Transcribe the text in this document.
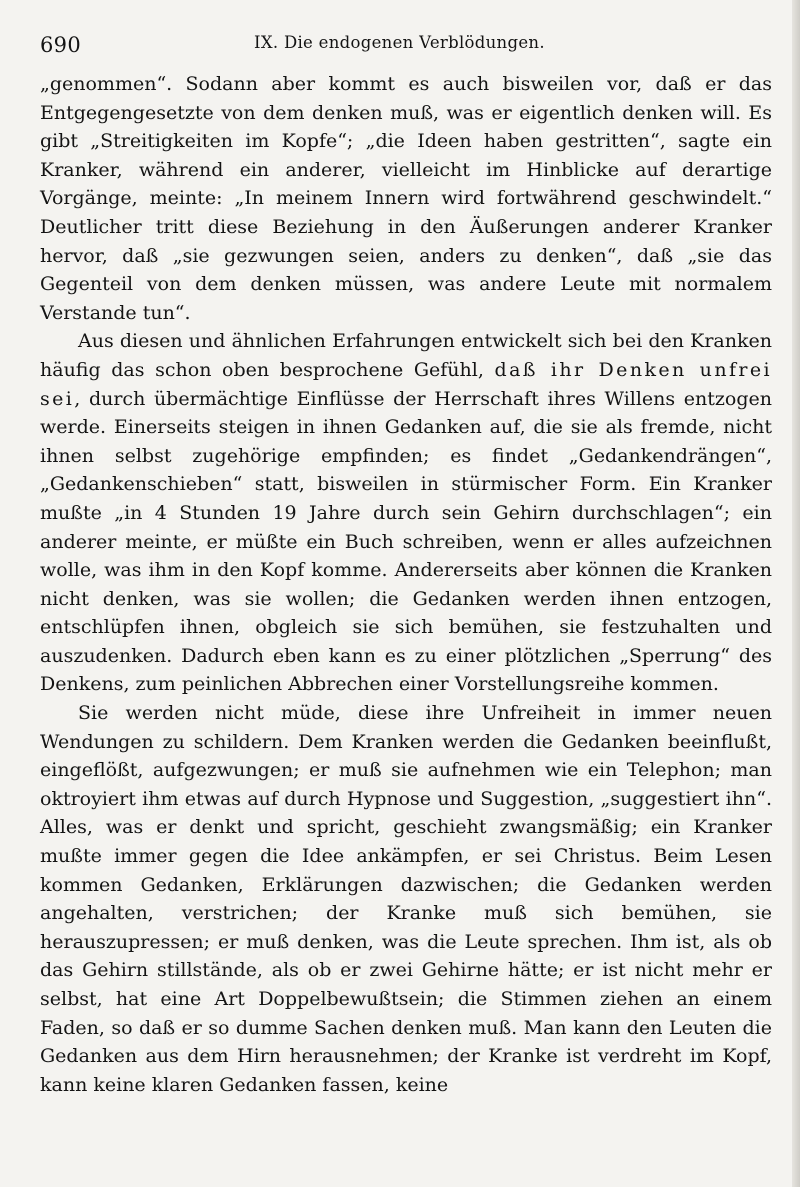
690	IX. Die endogenen Verblödungen.

„genommen“. Sodann aber kommt es auch bisweilen vor, daß er das Entgegengesetzte von dem denken muß, was er eigentlich denken will. Es gibt „Streitigkeiten im Kopfe“; „die Ideen haben gestritten“, sagte ein Kranker, während ein anderer, vielleicht im Hinblicke auf derartige Vorgänge, meinte: „In meinem Innern wird fortwährend geschwindelt.“ Deutlicher tritt diese Beziehung in den Äußerungen anderer Kranker hervor, daß „sie gezwungen seien, anders zu denken“, daß „sie das Gegenteil von dem denken müssen, was andere Leute mit normalem Verstande tun“.

Aus diesen und ähnlichen Erfahrungen entwickelt sich bei den Kranken häufig das schon oben besprochene Gefühl, daß ihr Denken unfrei sei, durch übermächtige Einflüsse der Herrschaft ihres Willens entzogen werde. Einerseits steigen in ihnen Gedanken auf, die sie als fremde, nicht ihnen selbst zugehörige empfinden; es findet „Gedankendrängen“, „Gedankenschieben“ statt, bisweilen in stürmischer Form. Ein Kranker mußte „in 4 Stunden 19 Jahre durch sein Gehirn durchschlagen“; ein anderer meinte, er müßte ein Buch schreiben, wenn er alles aufzeichnen wolle, was ihm in den Kopf komme. Andererseits aber können die Kranken nicht denken, was sie wollen; die Gedanken werden ihnen entzogen, entschlüpfen ihnen, obgleich sie sich bemühen, sie festzuhalten und auszudenken. Dadurch eben kann es zu einer plötzlichen „Sperrung“ des Denkens, zum peinlichen Abbrechen einer Vorstellungsreihe kommen.

Sie werden nicht müde, diese ihre Unfreiheit in immer neuen Wendungen zu schildern. Dem Kranken werden die Gedanken beeinflußt, eingeflößt, aufgezwungen; er muß sie aufnehmen wie ein Telephon; man oktroyiert ihm etwas auf durch Hypnose und Suggestion, „suggestiert ihn“. Alles, was er denkt und spricht, geschieht zwangsmäßig; ein Kranker mußte immer gegen die Idee ankämpfen, er sei Christus. Beim Lesen kommen Gedanken, Erklärungen dazwischen; die Gedanken werden angehalten, verstrichen; der Kranke muß sich bemühen, sie herauszupressen; er muß denken, was die Leute sprechen. Ihm ist, als ob das Gehirn stillstände, als ob er zwei Gehirne hätte; er ist nicht mehr er selbst, hat eine Art Doppelbewußtsein; die Stimmen ziehen an einem Faden, so daß er so dumme Sachen denken muß. Man kann den Leuten die Gedanken aus dem Hirn herausnehmen; der Kranke ist verdreht im Kopf, kann keine klaren Gedanken fassen, keine
